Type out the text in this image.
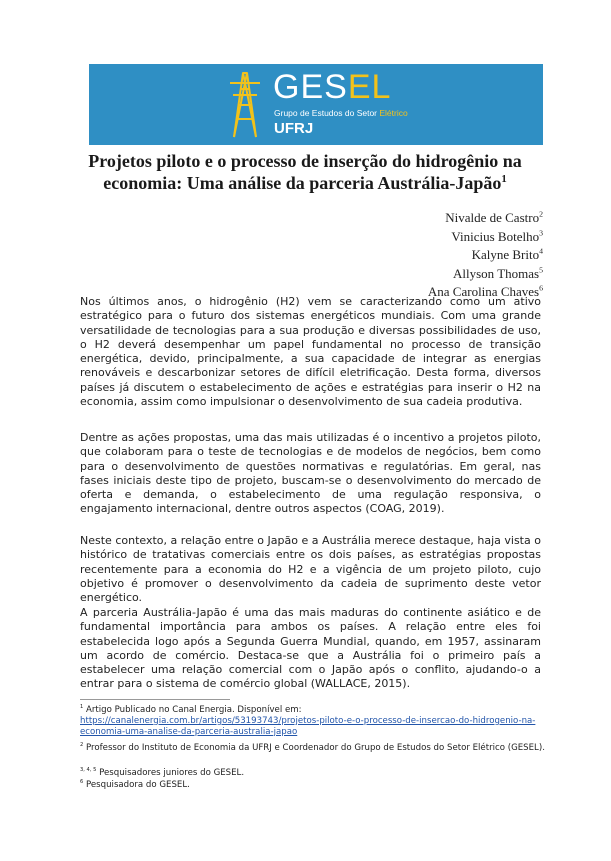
GESEL
Grupo de Estudos do Setor Elétrico
UFRJ
Projetos piloto e o processo de inserção do hidrogênio na
economia: Uma análise da parceria Austrália-Japão$^1$
Nivalde de Castro$^2$
Vinicius Botelho$^3$
Kalyne Brito$^4$
Allyson Thomas$^5$
Ana Carolina Chaves$^6$

Nos últimos anos, o hidrogênio (H2) vem se caracterizando como um ativo estratégico para o futuro dos sistemas energéticos mundiais. Com uma grande versatilidade de tecnologias para a sua produção e diversas possibilidades de uso, o H2 deverá desempenhar um papel fundamental no processo de transição energética, devido, principalmente, a sua capacidade de integrar as energias renováveis e descarbonizar setores de difícil eletrificação. Desta forma, diversos países já discutem o estabelecimento de ações e estratégias para inserir o H2 na economia, assim como impulsionar o desenvolvimento de sua cadeia produtiva.

Dentre as ações propostas, uma das mais utilizadas é o incentivo a projetos piloto, que colaboram para o teste de tecnologias e de modelos de negócios, bem como para o desenvolvimento de questões normativas e regulatórias. Em geral, nas fases iniciais deste tipo de projeto, buscam-se o desenvolvimento do mercado de oferta e demanda, o estabelecimento de uma regulação responsiva, o engajamento internacional, dentre outros aspectos (COAG, 2019).

Neste contexto, a relação entre o Japão e a Austrália merece destaque, haja vista o histórico de tratativas comerciais entre os dois países, as estratégias propostas recentemente para a economia do H2 e a vigência de um projeto piloto, cujo objetivo é promover o desenvolvimento da cadeia de suprimento deste vetor energético.

A parceria Austrália-Japão é uma das mais maduras do continente asiático e de fundamental importância para ambos os países. A relação entre eles foi estabelecida logo após a Segunda Guerra Mundial, quando, em 1957, assinaram um acordo de comércio. Destaca-se que a Austrália foi o primeiro país a estabelecer uma relação comercial com o Japão após o conflito, ajudando-o a entrar para o sistema de comércio global (WALLACE, 2015).

$^1$ Artigo Publicado no Canal Energia. Disponível em:
https://canalenergia.com.br/artigos/53193743/projetos-piloto-e-o-processo-de-insercao-do-hidrogenio-na-economia-uma-analise-da-parceria-australia-japao

$^2$ Professor do Instituto de Economia da UFRJ e Coordenador do Grupo de Estudos do Setor Elétrico (GESEL).

$^{3, 4, 5}$ Pesquisadores juniores do GESEL.

$^6$ Pesquisadora do GESEL.
